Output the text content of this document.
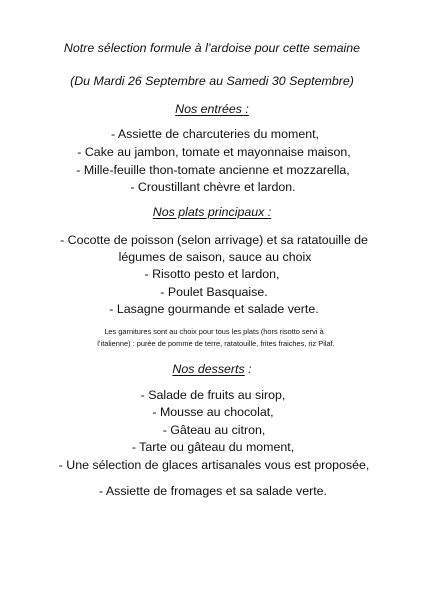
Notre sélection formule à l’ardoise pour cette semaine
(Du Mardi 26 Septembre au Samedi 30 Septembre)
Nos entrées :
- Assiette de charcuteries du moment,
- Cake au jambon, tomate et mayonnaise maison,
- Mille-feuille thon-tomate ancienne et mozzarella,
- Croustillant chèvre et lardon.
Nos plats principaux :
- Cocotte de poisson (selon arrivage) et sa ratatouille de
légumes de saison, sauce au choix
- Risotto pesto et lardon,
- Poulet Basquaise.
- Lasagne gourmande et salade verte.
Les garnitures sont au choix pour tous les plats (hors risotto servi à
l’italienne) : purée de pomme de terre, ratatouille, frites fraiches, riz Pilaf.
Nos desserts :
- Salade de fruits au sirop,
- Mousse au chocolat,
- Gâteau au citron,
- Tarte ou gâteau du moment,
- Une sélection de glaces artisanales vous est proposée,
- Assiette de fromages et sa salade verte.
